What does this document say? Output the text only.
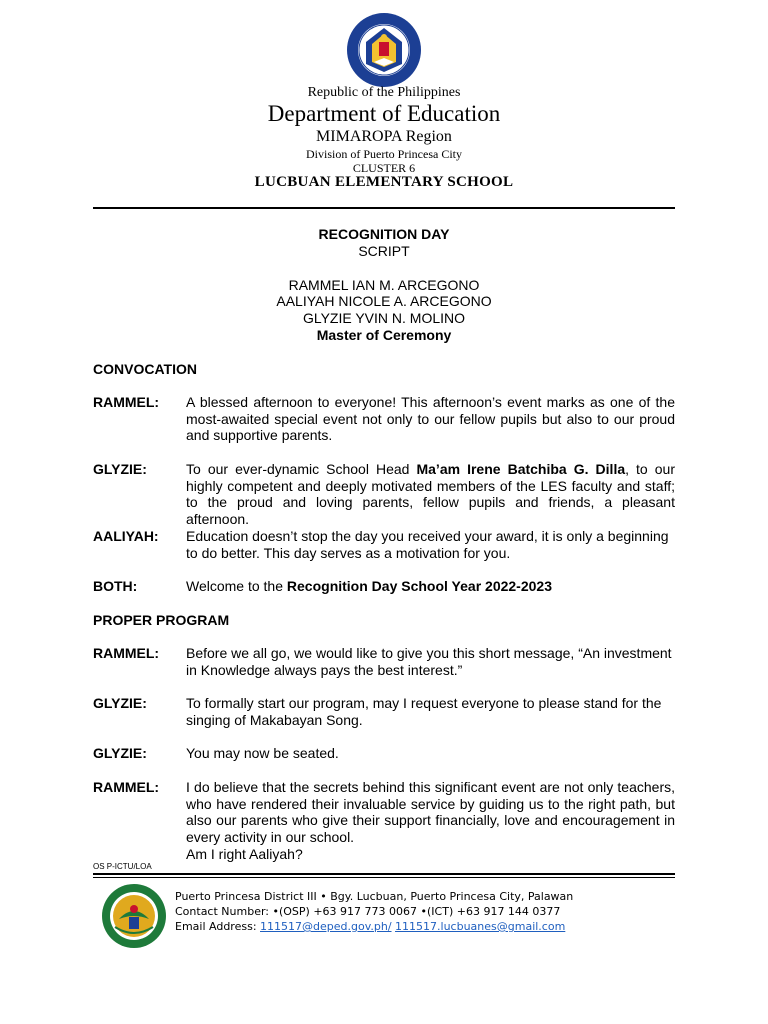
Republic of the Philippines
Department of Education
MIMAROPA Region
Division of Puerto Princesa City
CLUSTER 6
LUCBUAN ELEMENTARY SCHOOL
RECOGNITION DAY
SCRIPT
RAMMEL IAN M. ARCEGONO
AALIYAH NICOLE A. ARCEGONO
GLYZIE YVIN N. MOLINO
Master of Ceremony
CONVOCATION
RAMMEL: A blessed afternoon to everyone! This afternoon’s event marks as one of the most-awaited special event not only to our fellow pupils but also to our proud and supportive parents.
GLYZIE:	To our ever-dynamic School Head Ma’am Irene Batchiba G. Dilla, to our highly competent and deeply motivated members of the LES faculty and staff; to the proud and loving parents, fellow pupils and friends, a pleasant afternoon.
AALIYAH: Education doesn’t stop the day you received your award, it is only a beginning to do better. This day serves as a motivation for you.
BOTH:	Welcome to the Recognition Day School Year 2022-2023
PROPER PROGRAM
RAMMEL: Before we all go, we would like to give you this short message, “An investment in Knowledge always pays the best interest.”
GLYZIE:	To formally start our program, may I request everyone to please stand for the singing of Makabayan Song.
GLYZIE:	You may now be seated.
RAMMEL: I do believe that the secrets behind this significant event are not only teachers, who have rendered their invaluable service by guiding us to the right path, but also our parents who give their support financially, love and encouragement in every activity in our school.
Am I right Aaliyah?
OS P-ICTU/LOA
Puerto Princesa District III • Bgy. Lucbuan, Puerto Princesa City, Palawan
Contact Number: •(OSP) +63 917 773 0067 •(ICT) +63 917 144 0377
Email Address: 111517@deped.gov.ph/ 111517.lucbuanes@gmail.com
